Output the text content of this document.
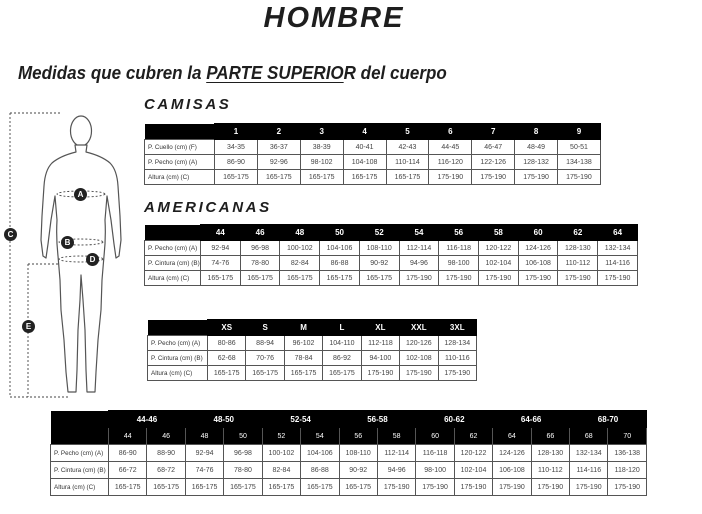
HOMBRE
Medidas que cubren la PARTE SUPERIOR del cuerpo
A
B
C
D
E
CAMISAS
	1	2	3	4	5	6	7	8	9
P. Cuello (cm) (F)	34-35	36-37	38-39	40-41	42-43	44-45	46-47	48-49	50-51
P. Pecho (cm) (A)	86-90	92-96	98-102	104-108	110-114	116-120	122-126	128-132	134-138
Altura (cm) (C)	165-175	165-175	165-175	165-175	165-175	175-190	175-190	175-190	175-190
AMERICANAS
	44	46	48	50	52	54	56	58	60	62	64
P. Pecho (cm) (A)	92-94	96-98	100-102	104-106	108-110	112-114	116-118	120-122	124-126	128-130	132-134
P. Cintura (cm) (B)	74-76	78-80	82-84	86-88	90-92	94-96	98-100	102-104	106-108	110-112	114-116
Altura (cm) (C)	165-175	165-175	165-175	165-175	165-175	175-190	175-190	175-190	175-190	175-190	175-190
	XS	S	M	L	XL	XXL	3XL
P. Pecho (cm) (A)	80-86	88-94	96-102	104-110	112-118	120-126	128-134
P. Cintura (cm) (B)	62-68	70-76	78-84	86-92	94-100	102-108	110-116
Altura (cm) (C)	165-175	165-175	165-175	165-175	175-190	175-190	175-190
	44-46		48-50		52-54		56-58		60-62		64-66		68-70	
	44	46	48	50	52	54	56	58	60	62	64	66	68	70
P. Pecho (cm) (A)	86-90	88-90	92-94	96-98	100-102	104-106	108-110	112-114	116-118	120-122	124-126	128-130	132-134	136-138
P. Cintura (cm) (B)	66-72	68-72	74-76	78-80	82-84	86-88	90-92	94-96	98-100	102-104	106-108	110-112	114-116	118-120
Altura (cm) (C)	165-175	165-175	165-175	165-175	165-175	165-175	165-175	175-190	175-190	175-190	175-190	175-190	175-190	175-190
